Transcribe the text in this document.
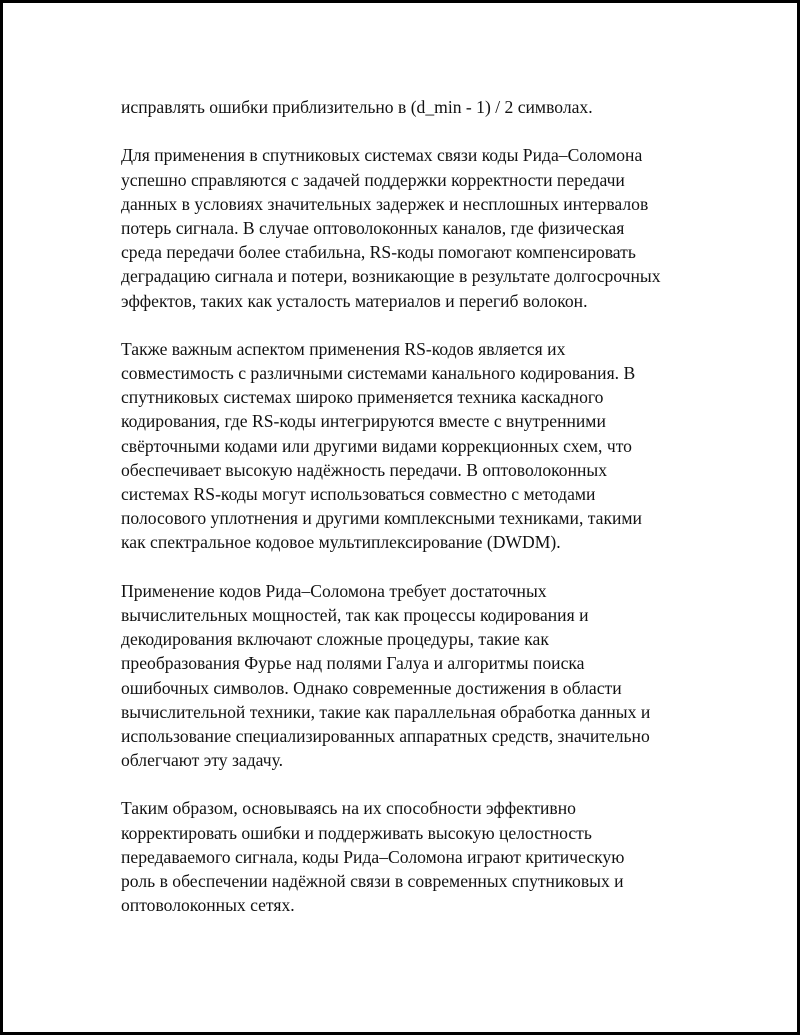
исправлять ошибки приблизительно в (d_min - 1) / 2 символах.
Для применения в спутниковых системах связи коды Рида–Соломона
успешно справляются с задачей поддержки корректности передачи
данных в условиях значительных задержек и несплошных интервалов
потерь сигнала. В случае оптоволоконных каналов, где физическая
среда передачи более стабильна, RS-коды помогают компенсировать
деградацию сигнала и потери, возникающие в результате долгосрочных
эффектов, таких как усталость материалов и перегиб волокон.
Также важным аспектом применения RS-кодов является их
совместимость с различными системами канального кодирования. В
спутниковых системах широко применяется техника каскадного
кодирования, где RS-коды интегрируются вместе с внутренними
свёрточными кодами или другими видами коррекционных схем, что
обеспечивает высокую надёжность передачи. В оптоволоконных
системах RS-коды могут использоваться совместно с методами
полосового уплотнения и другими комплексными техниками, такими
как спектральное кодовое мультиплексирование (DWDM).
Применение кодов Рида–Соломона требует достаточных
вычислительных мощностей, так как процессы кодирования и
декодирования включают сложные процедуры, такие как
преобразования Фурье над полями Галуа и алгоритмы поиска
ошибочных символов. Однако современные достижения в области
вычислительной техники, такие как параллельная обработка данных и
использование специализированных аппаратных средств, значительно
облегчают эту задачу.
Таким образом, основываясь на их способности эффективно
корректировать ошибки и поддерживать высокую целостность
передаваемого сигнала, коды Рида–Соломона играют критическую
роль в обеспечении надёжной связи в современных спутниковых и
оптоволоконных сетях.
